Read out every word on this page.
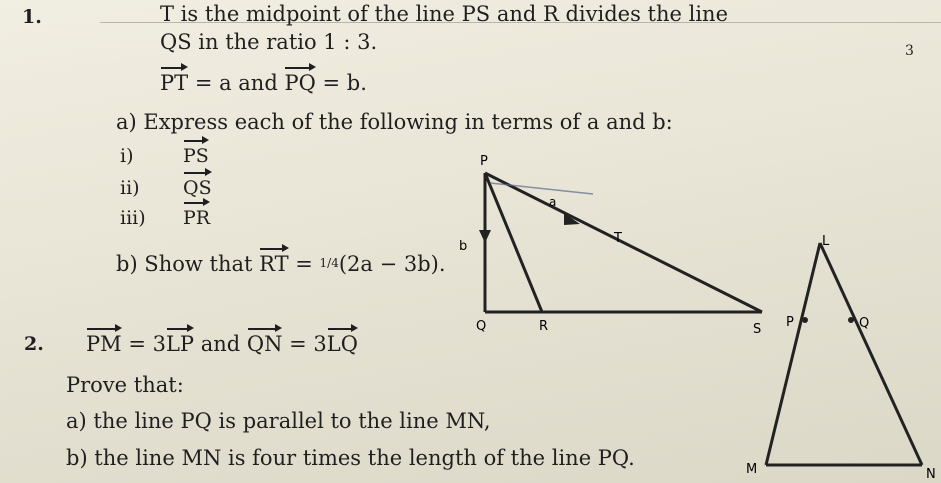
1.	T is the midpoint of the line PS and R divides the line
QS in the ratio 1 : 3.	3
PT = a and PQ = b.
a) Express each of the following in terms of a and b:
i)	PS
ii) QS
iii) PR
b) Show that RT = 1/4(2a − 3b).
P
a
b
T
Q	R	S
2. PM = 3LP and QN = 3LQ
Prove that:
a) the line PQ is parallel to the line MN,
b) the line MN is four times the length of the line PQ.
L
P	Q
M	N
